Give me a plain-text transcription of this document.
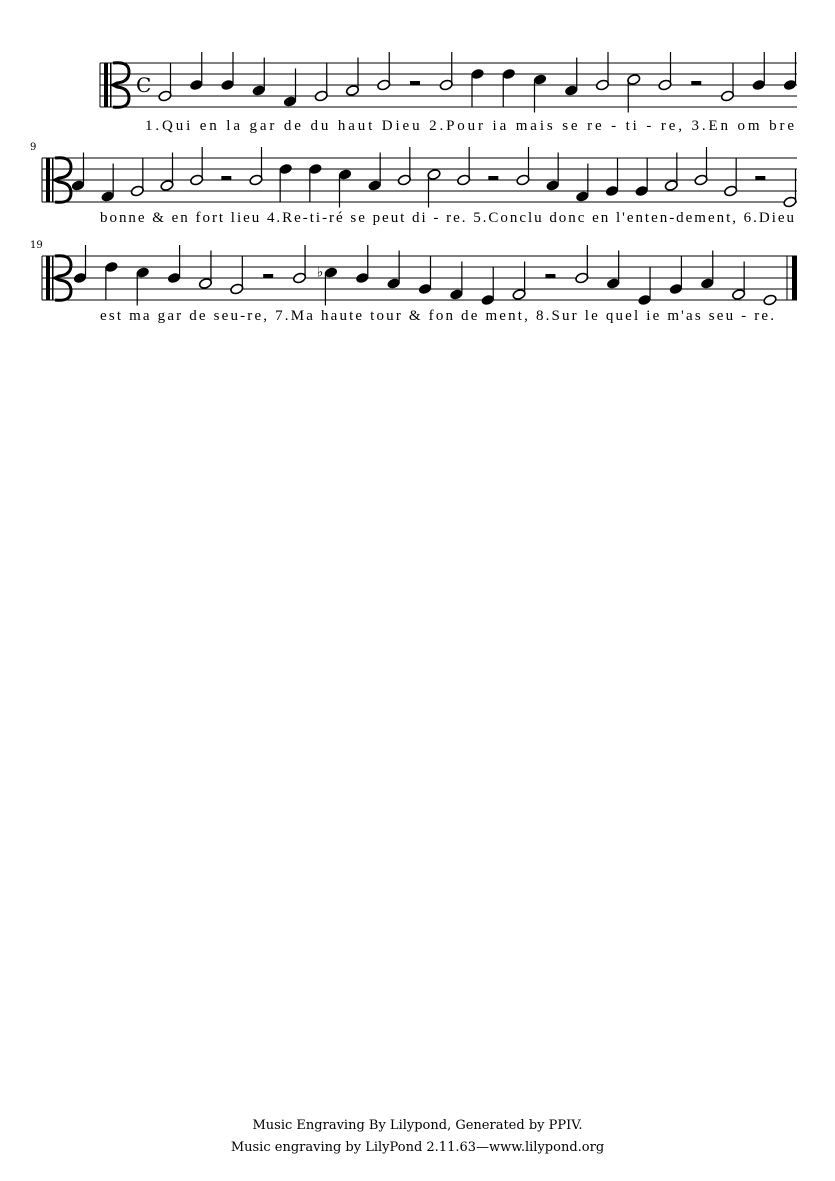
C
1.Qui en la gar de du haut Dieu 2.Pour ia mais se re - ti - re, 3.En om bre
9
bonne & en fort lieu 4.Re-ti-ré se peut di - re. 5.Conclu donc en l'enten-dement, 6.Dieu
19
♭
est ma gar de seu-re, 7.Ma haute tour & fon de ment, 8.Sur le quel ie m'as seu - re.
Music Engraving By Lilypond, Generated by PPIV.
Music engraving by LilyPond 2.11.63—www.lilypond.org
